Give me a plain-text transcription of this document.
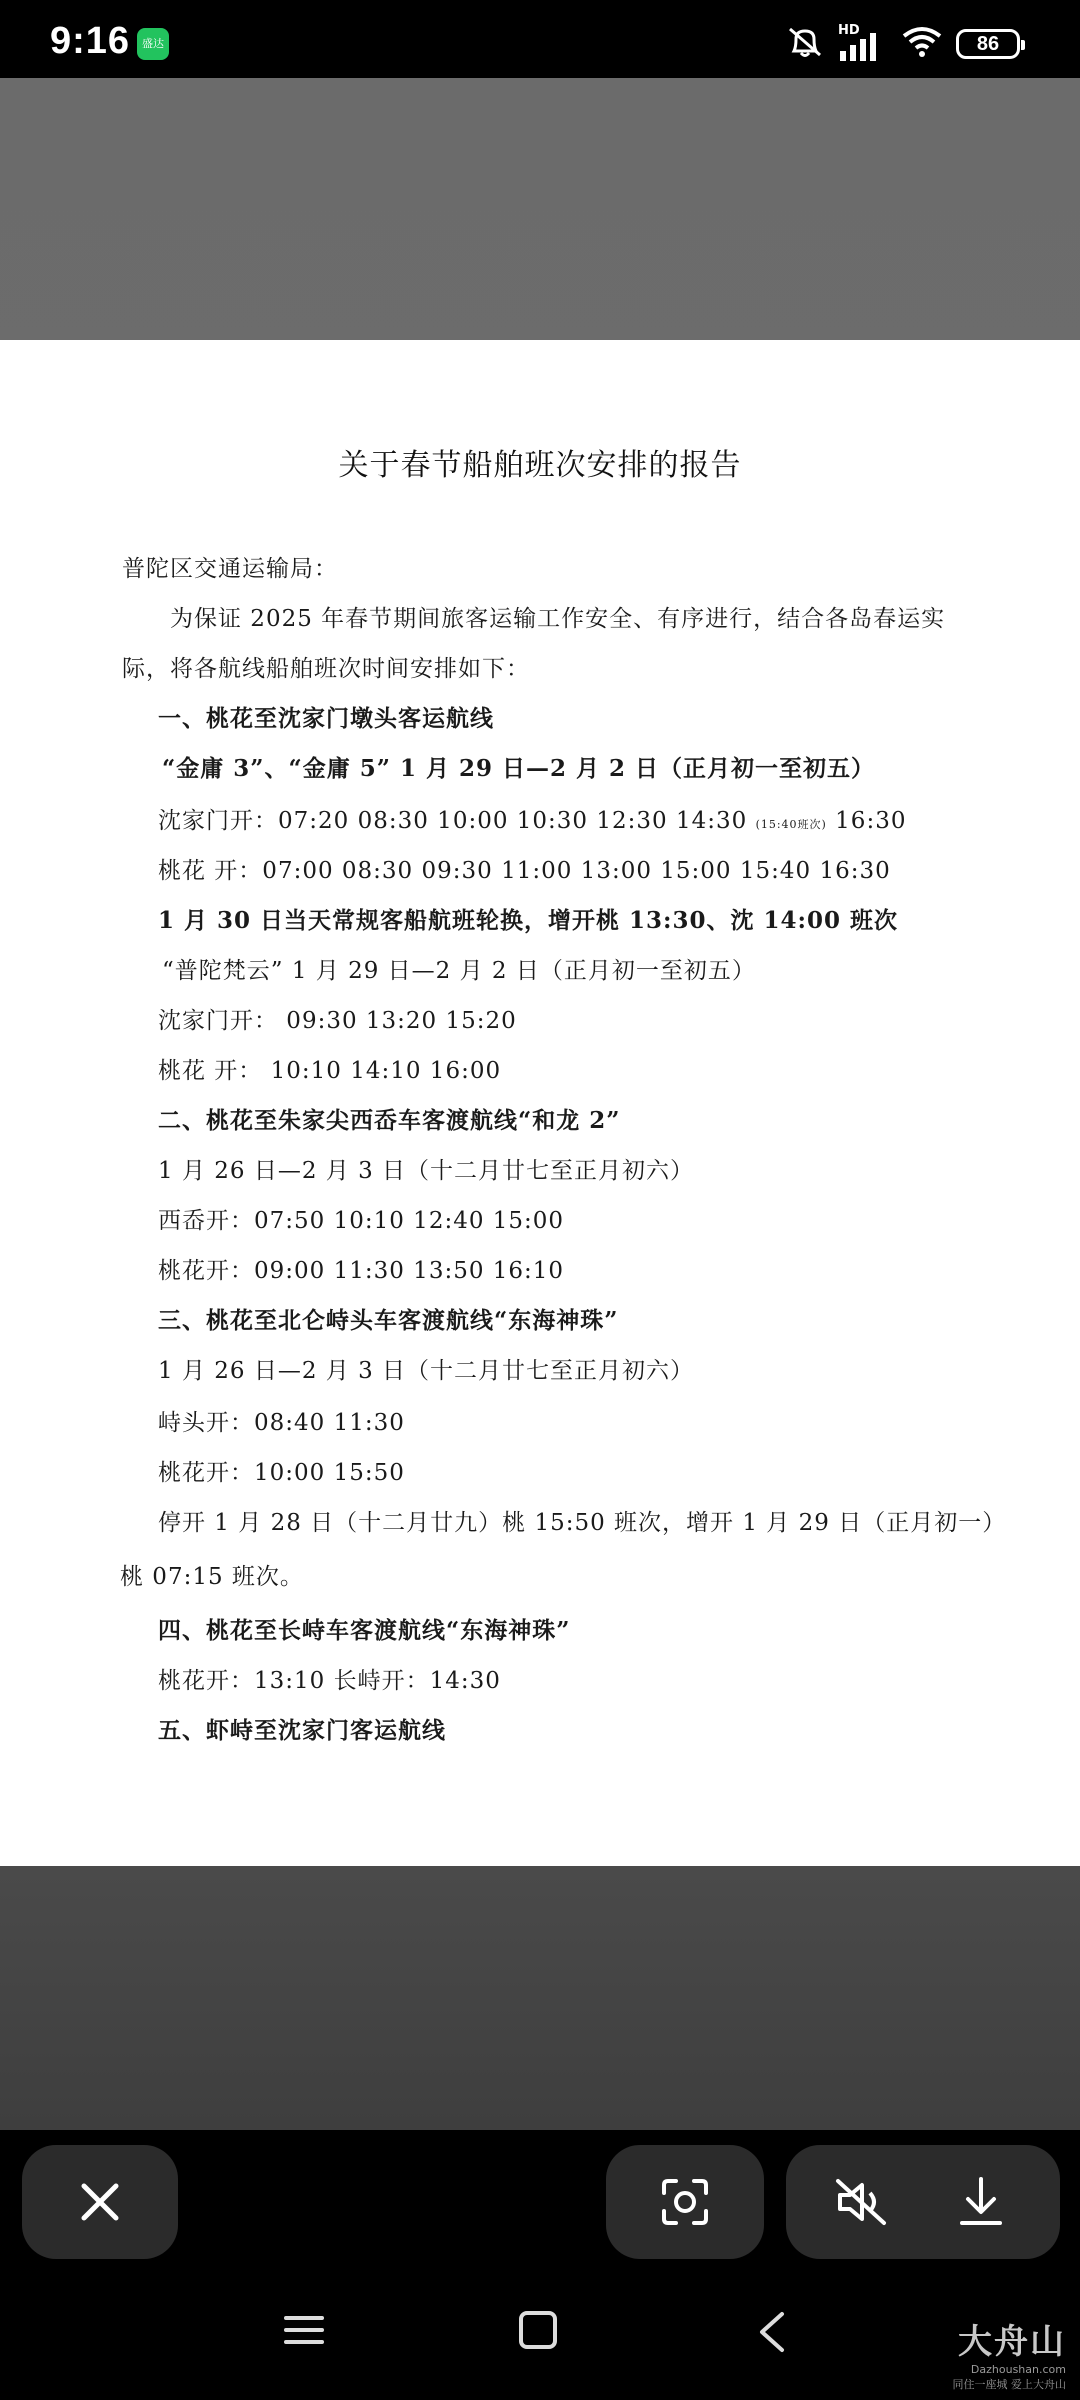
9:16	盛达
HD
86
关于春节船舶班次安排的报告
普陀区交通运输局：
为保证 2025 年春节期间旅客运输工作安全、有序进行，结合各岛春运实
际，将各航线船舶班次时间安排如下：
一、桃花至沈家门墩头客运航线
“金庸 3”、“金庸 5” 1 月 29 日—2 月 2 日（正月初一至初五）
沈家门开：07:20 08:30 10:00 10:30 12:30 14:30 (15:40班次) 16:30
桃花 开：07:00 08:30 09:30 11:00 13:00 15:00 15:40 16:30
1 月 30 日当天常规客船航班轮换，增开桃 13:30、沈 14:00 班次
“普陀梵云” 1 月 29 日—2 月 2 日（正月初一至初五）
沈家门开： 09:30 13:20 15:20
桃花 开： 10:10 14:10 16:00
二、桃花至朱家尖西岙车客渡航线“和龙 2”
1 月 26 日—2 月 3 日（十二月廿七至正月初六）
西岙开：07:50 10:10 12:40 15:00
桃花开：09:00 11:30 13:50 16:10
三、桃花至北仑峙头车客渡航线“东海神珠”
1 月 26 日—2 月 3 日（十二月廿七至正月初六）
峙头开：08:40 11:30
桃花开：10:00 15:50
停开 1 月 28 日（十二月廿九）桃 15:50 班次，增开 1 月 29 日（正月初一）
桃 07:15 班次。
四、桃花至长峙车客渡航线“东海神珠”
桃花开：13:10 长峙开：14:30
五、虾峙至沈家门客运航线
大舟山
Dazhoushan.com
同住一座城 爱上大舟山
